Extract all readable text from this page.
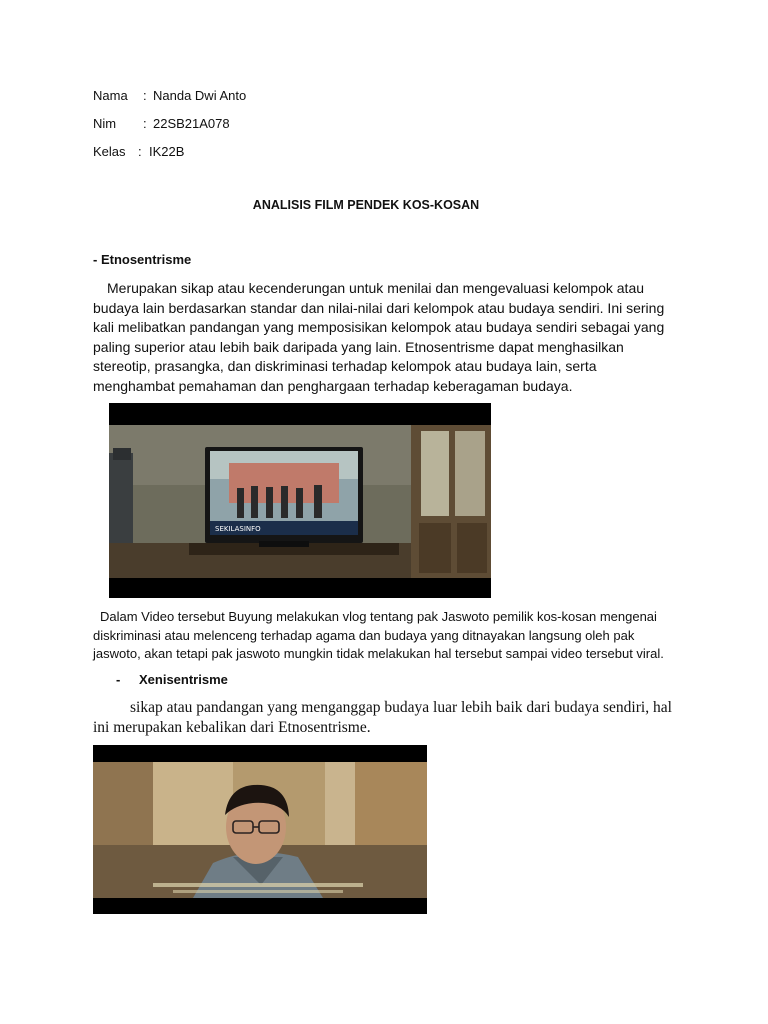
Nama : Nanda Dwi Anto
Nim : 22SB21A078
Kelas : IK22B
ANALISIS FILM PENDEK KOS-KOSAN
- Etnosentrisme
Merupakan sikap atau kecenderungan untuk menilai dan mengevaluasi kelompok atau
budaya lain berdasarkan standar dan nilai-nilai dari kelompok atau budaya sendiri. Ini sering
kali melibatkan pandangan yang memposisikan kelompok atau budaya sendiri sebagai yang
paling superior atau lebih baik daripada yang lain. Etnosentrisme dapat menghasilkan
stereotip, prasangka, dan diskriminasi terhadap kelompok atau budaya lain, serta
menghambat pemahaman dan penghargaan terhadap keberagaman budaya.
SEKILASINFO
Dalam Video tersebut Buyung melakukan vlog tentang pak Jaswoto pemilik kos-kosan mengenai
diskriminasi atau melenceng terhadap agama dan budaya yang ditnayakan langsung oleh pak
jaswoto, akan tetapi pak jaswoto mungkin tidak melakukan hal tersebut sampai video tersebut viral.
- Xenisentrisme
sikap atau pandangan yang menganggap budaya luar lebih baik dari budaya sendiri, hal
ini merupakan kebalikan dari Etnosentrisme.
